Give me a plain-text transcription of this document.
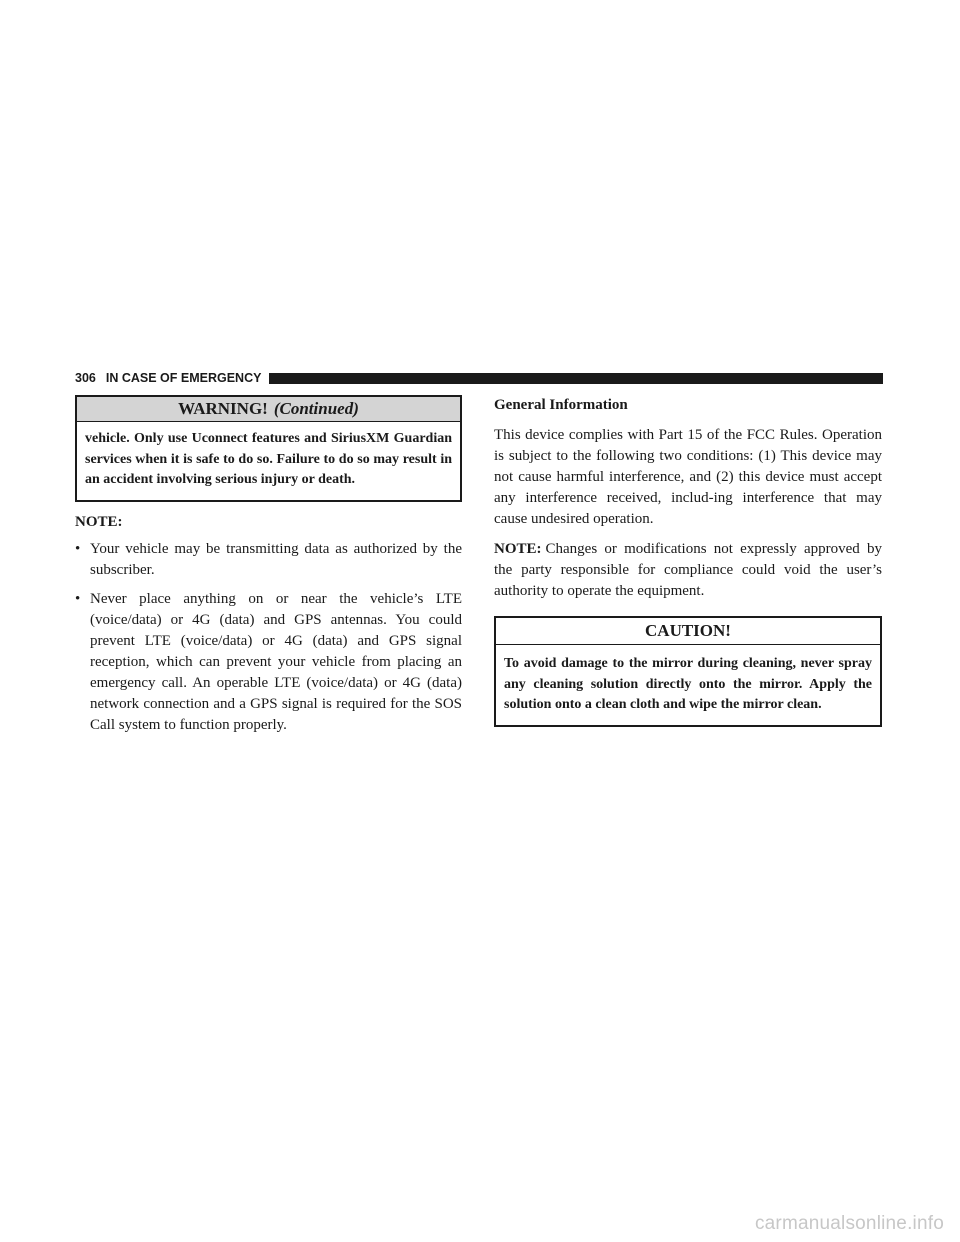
306 IN CASE OF EMERGENCY
WARNING! (Continued)
vehicle. Only use Uconnect features and SiriusXM Guardian services when it is safe to do so. Failure to do so may result in an accident involving serious injury or death.
NOTE:
• Your vehicle may be transmitting data as authorized by the subscriber.
• Never place anything on or near the vehicle’s LTE (voice/data) or 4G (data) and GPS antennas. You could prevent LTE (voice/data) or 4G (data) and GPS signal reception, which can prevent your vehicle from placing an emergency call. An operable LTE (voice/data) or 4G (data) network connection and a GPS signal is required for the SOS Call system to function properly.
General Information

This device complies with Part 15 of the FCC Rules. Operation is subject to the following two conditions: (1) This device may not cause harmful interference, and (2) this device must accept any interference received, includ-ing interference that may cause undesired operation.

NOTE: Changes or modifications not expressly approved by the party responsible for compliance could void the user’s authority to operate the equipment.

CAUTION!
To avoid damage to the mirror during cleaning, never spray any cleaning solution directly onto the mirror. Apply the solution onto a clean cloth and wipe the mirror clean.
carmanualsonline.info
